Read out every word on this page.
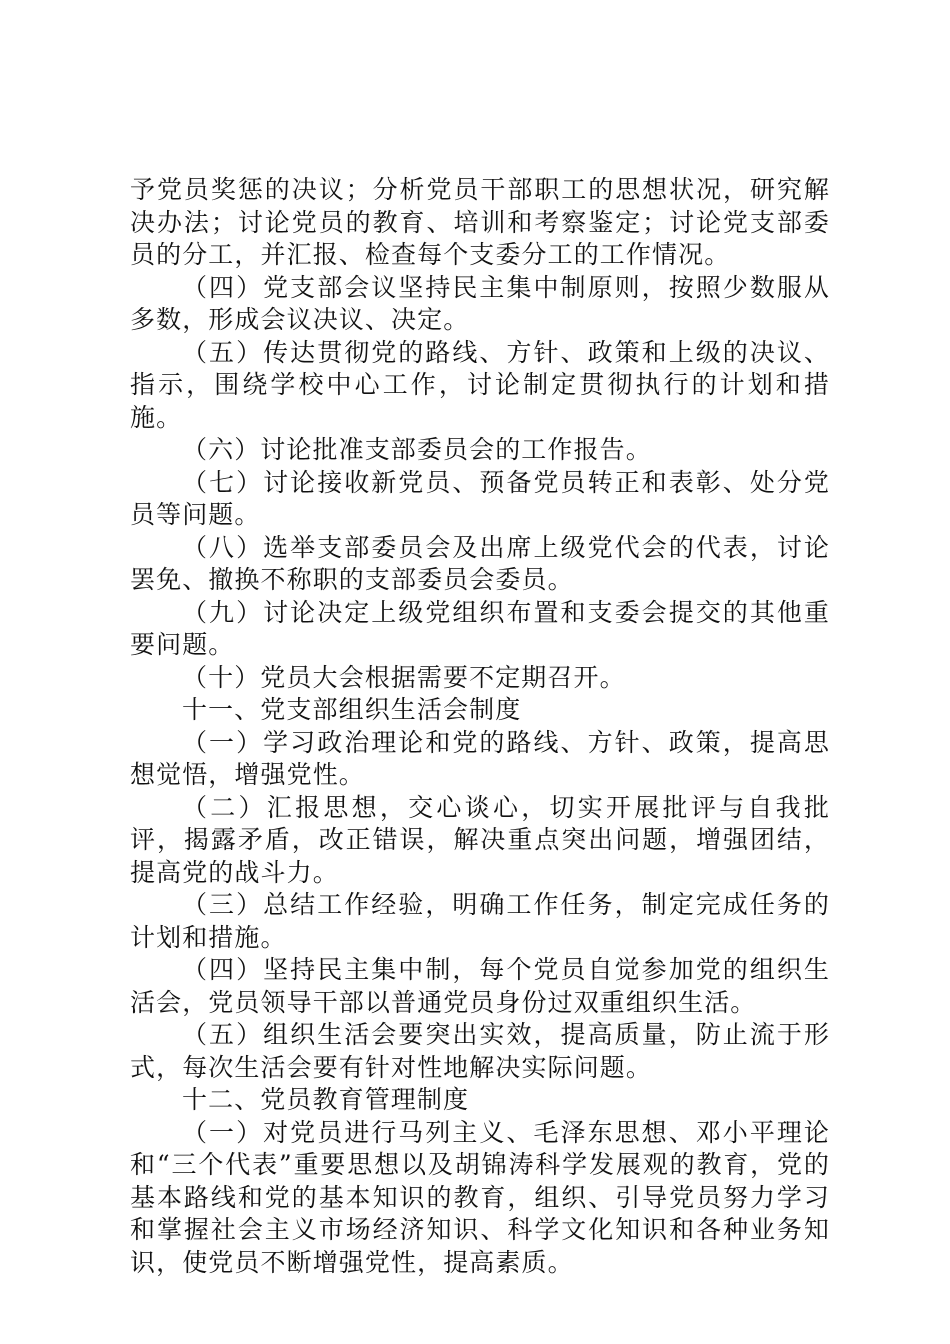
予党员奖惩的决议；分析党员干部职工的思想状况，研究解决办法；讨论党员的教育、培训和考察鉴定；讨论党支部委员的分工，并汇报、检查每个支委分工的工作情况。

（四）党支部会议坚持民主集中制原则，按照少数服从多数，形成会议决议、决定。

（五）传达贯彻党的路线、方针、政策和上级的决议、指示，围绕学校中心工作，讨论制定贯彻执行的计划和措施。

（六）讨论批准支部委员会的工作报告。

（七）讨论接收新党员、预备党员转正和表彰、处分党员等问题。

（八）选举支部委员会及出席上级党代会的代表，讨论罢免、撤换不称职的支部委员会委员。

（九）讨论决定上级党组织布置和支委会提交的其他重要问题。

（十）党员大会根据需要不定期召开。

十一、党支部组织生活会制度

（一）学习政治理论和党的路线、方针、政策，提高思想觉悟，增强党性。

（二）汇报思想，交心谈心，切实开展批评与自我批评，揭露矛盾，改正错误，解决重点突出问题，增强团结，提高党的战斗力。

（三）总结工作经验，明确工作任务，制定完成任务的计划和措施。

（四）坚持民主集中制，每个党员自觉参加党的组织生活会，党员领导干部以普通党员身份过双重组织生活。

（五）组织生活会要突出实效，提高质量，防止流于形式，每次生活会要有针对性地解决实际问题。

十二、党员教育管理制度

（一）对党员进行马列主义、毛泽东思想、邓小平理论和“三个代表”重要思想以及胡锦涛科学发展观的教育，党的基本路线和党的基本知识的教育，组织、引导党员努力学习和掌握社会主义市场经济知识、科学文化知识和各种业务知识，使党员不断增强党性，提高素质。
